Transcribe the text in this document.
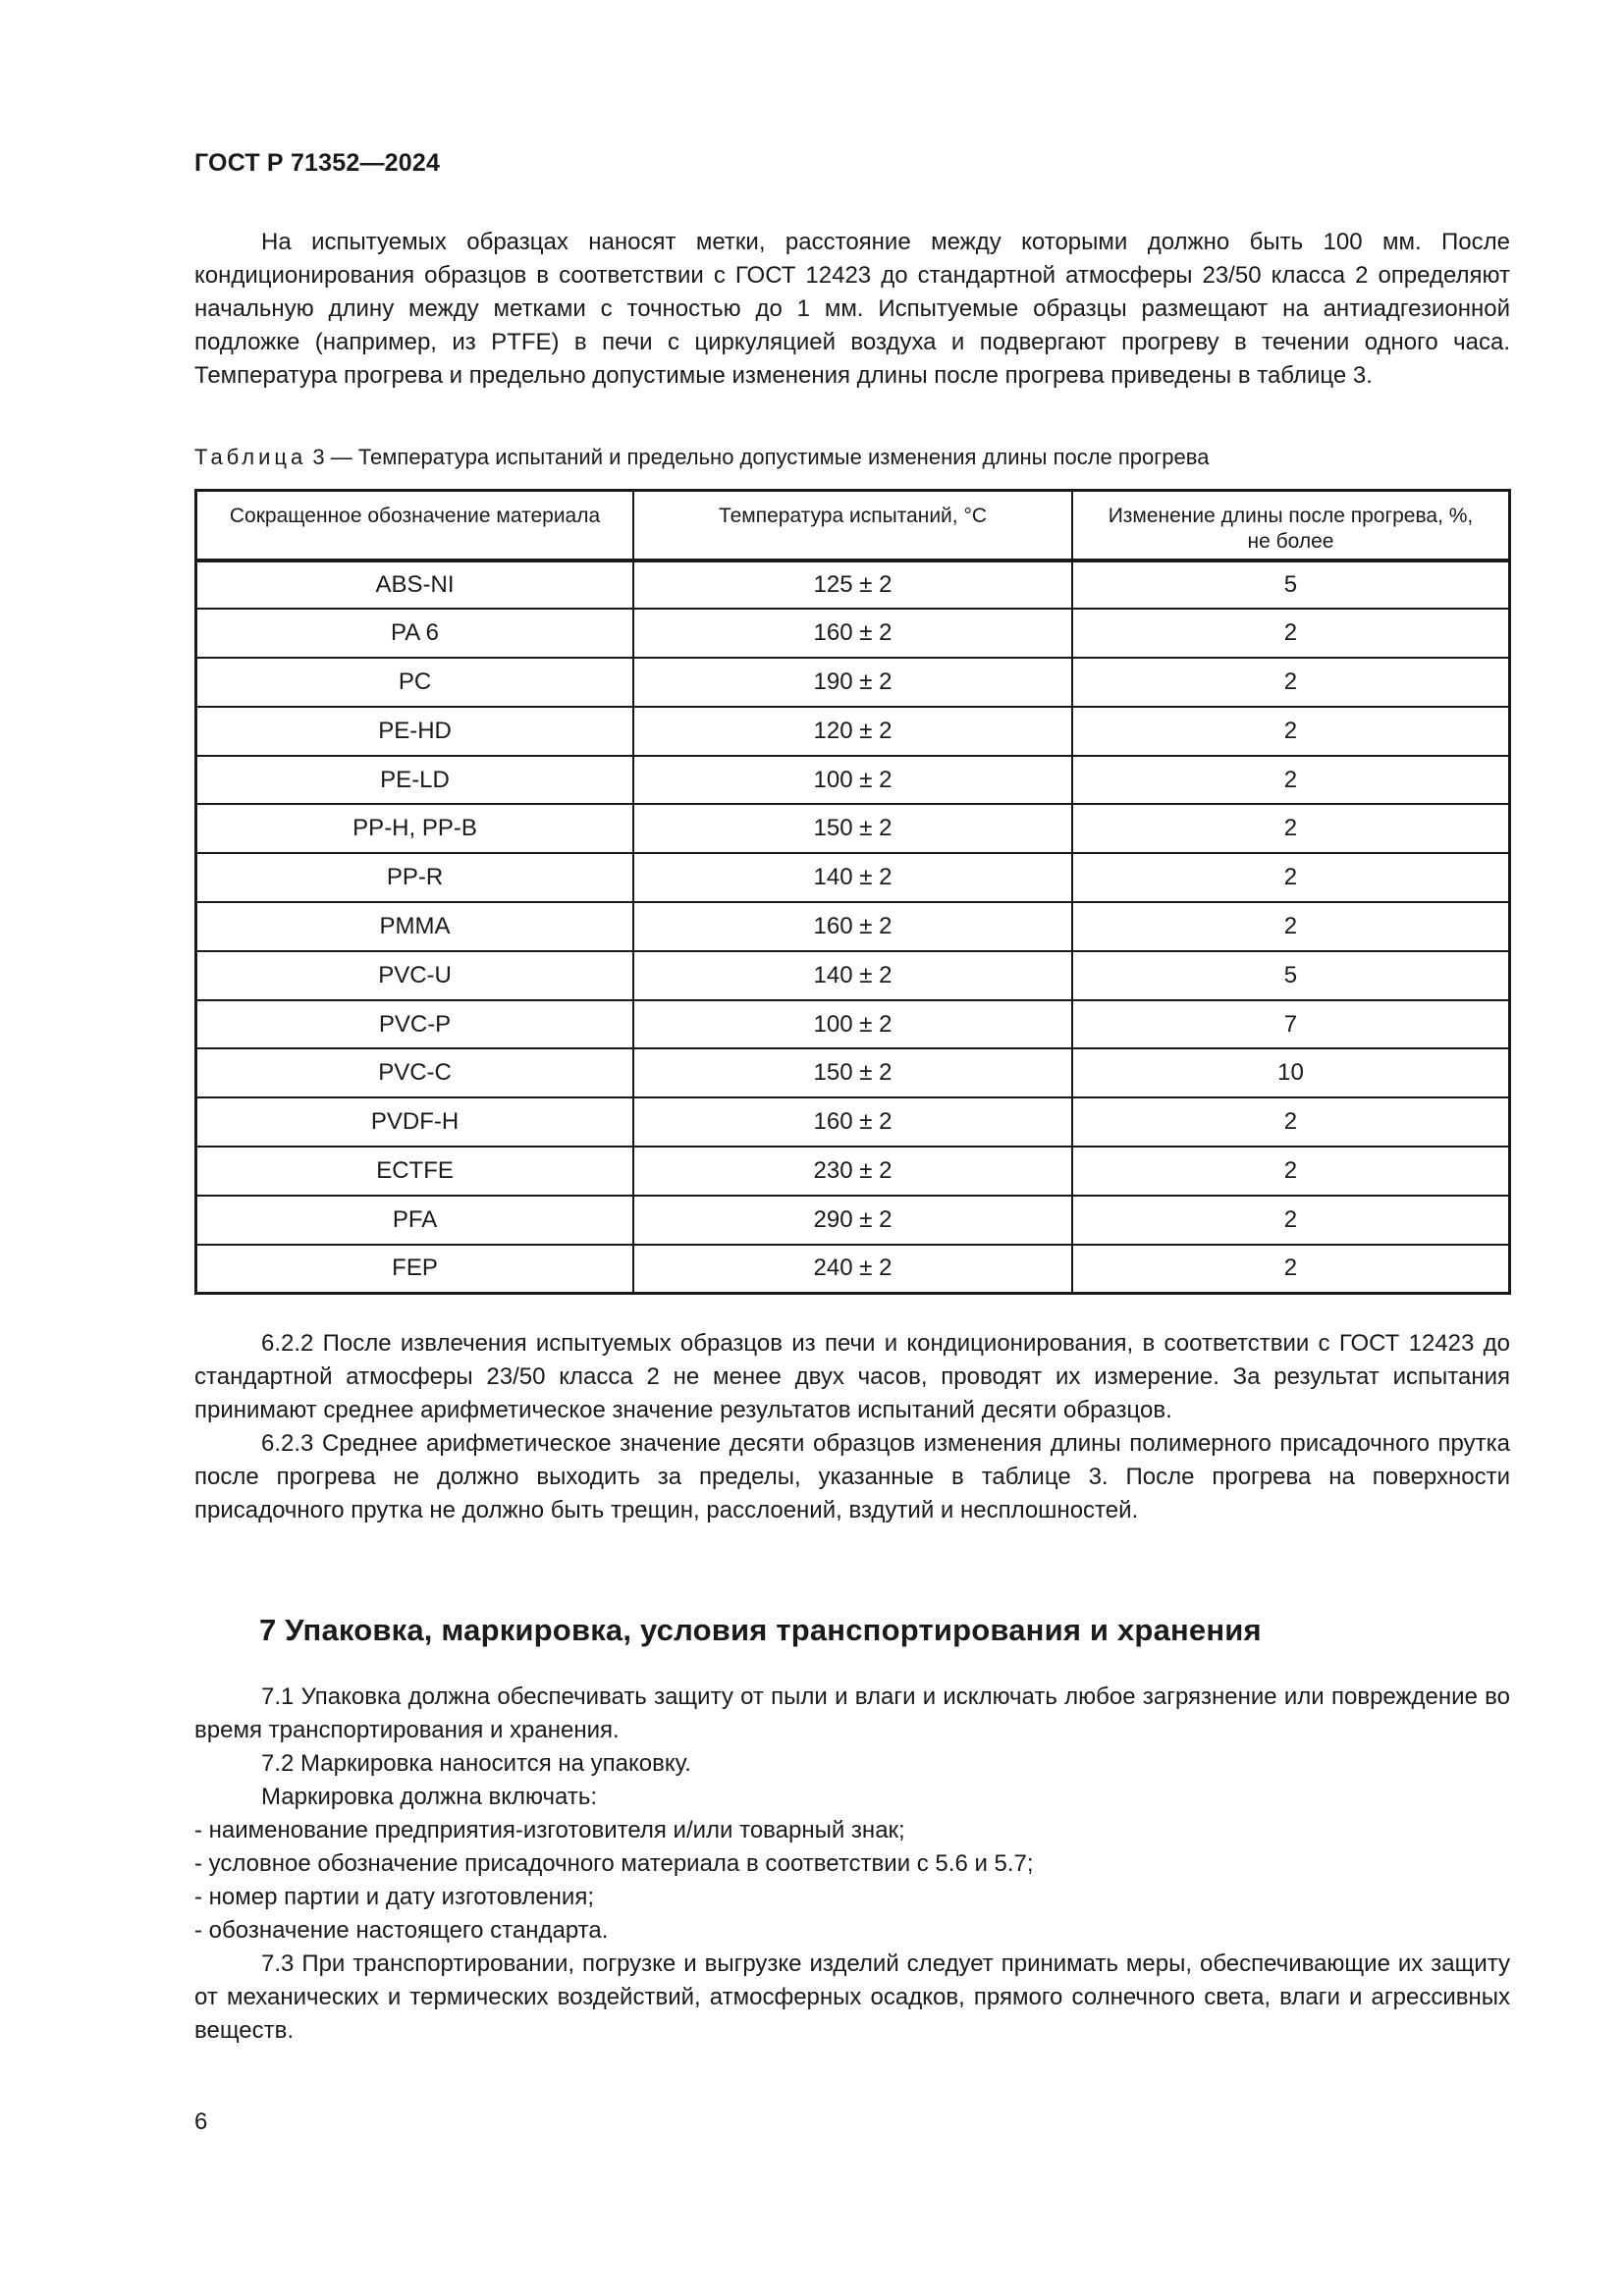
ГОСТ Р 71352—2024

На испытуемых образцах наносят метки, расстояние между которыми должно быть 100 мм. После кондиционирования образцов в соответствии с ГОСТ 12423 до стандартной атмосферы 23/50 класса 2 определяют начальную длину между метками с точностью до 1 мм. Испытуемые образцы размещают на антиадгезионной подложке (например, из PTFE) в печи с циркуляцией воздуха и подвергают прогреву в течении одного часа. Температура прогрева и предельно допустимые изменения длины после прогрева приведены в таблице 3.

Таблица 3 — Температура испытаний и предельно допустимые изменения длины после прогрева
Сокращенное обозначение материала	Температура испытаний, °С	Изменение длины после прогрева, %, не более
ABS-NI	125 ± 2	5
PA 6	160 ± 2	2
PC	190 ± 2	2
PE-HD	120 ± 2	2
PE-LD	100 ± 2	2
PP-H, PP-B	150 ± 2	2
PP-R	140 ± 2	2
PMMA	160 ± 2	2
PVC-U	140 ± 2	5
PVC-P	100 ± 2	7
PVC-C	150 ± 2	10
PVDF-H	160 ± 2	2
ECTFE	230 ± 2	2
PFA	290 ± 2	2
FEP	240 ± 2	2

6.2.2 После извлечения испытуемых образцов из печи и кондиционирования, в соответствии с ГОСТ 12423 до стандартной атмосферы 23/50 класса 2 не менее двух часов, проводят их измерение. За результат испытания принимают среднее арифметическое значение результатов испытаний десяти образцов.

6.2.3 Среднее арифметическое значение десяти образцов изменения длины полимерного присадочного прутка после прогрева не должно выходить за пределы, указанные в таблице 3. После прогрева на поверхности присадочного прутка не должно быть трещин, расслоений, вздутий и несплошностей.

7 Упаковка, маркировка, условия транспортирования и хранения

7.1 Упаковка должна обеспечивать защиту от пыли и влаги и исключать любое загрязнение или повреждение во время транспортирования и хранения.

7.2 Маркировка наносится на упаковку.

Маркировка должна включать:

- наименование предприятия-изготовителя и/или товарный знак;

- условное обозначение присадочного материала в соответствии с 5.6 и 5.7;

- номер партии и дату изготовления;

- обозначение настоящего стандарта.

7.3 При транспортировании, погрузке и выгрузке изделий следует принимать меры, обеспечивающие их защиту от механических и термических воздействий, атмосферных осадков, прямого солнечного света, влаги и агрессивных веществ.

6
